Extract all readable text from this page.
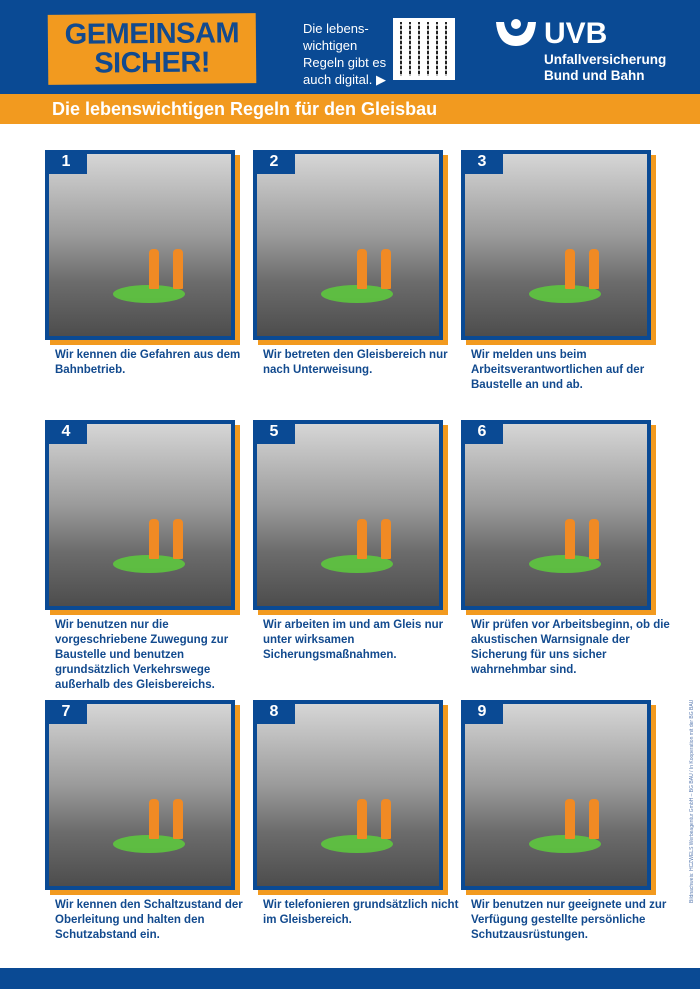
GEMEINSAM
SICHER!
Die lebens-wichtigen Regeln gibt es auch digital. ▶
UVB
Unfallversicherung
Bund und Bahn
Die lebenswichtigen Regeln für den Gleisbau
1
Wir kennen die Gefahren aus dem Bahnbetrieb.
2
Wir betreten den Gleisbereich nur nach Unterweisung.
3
Wir melden uns beim Arbeitsverantwortlichen auf der Baustelle an und ab.
4
Wir benutzen nur die vorgeschriebene Zuwegung zur Baustelle und benutzen grundsätzlich Verkehrswege außerhalb des Gleisbereichs.
5
Wir arbeiten im und am Gleis nur unter wirksamen Sicherungsmaßnahmen.
6
Wir prüfen vor Arbeitsbeginn, ob die akustischen Warnsignale der Sicherung für uns sicher wahrnehmbar sind.
7
Wir kennen den Schaltzustand der Oberleitung und halten den Schutzabstand ein.
8
Wir telefonieren grundsätzlich nicht im Gleisbereich.
9
Wir benutzen nur geeignete und zur Verfügung gestellte persönliche Schutzausrüstungen.
Bildnachweis: HCZWELS Werbeagentur GmbH – BG BAU / In Kooperation mit der BG BAU
